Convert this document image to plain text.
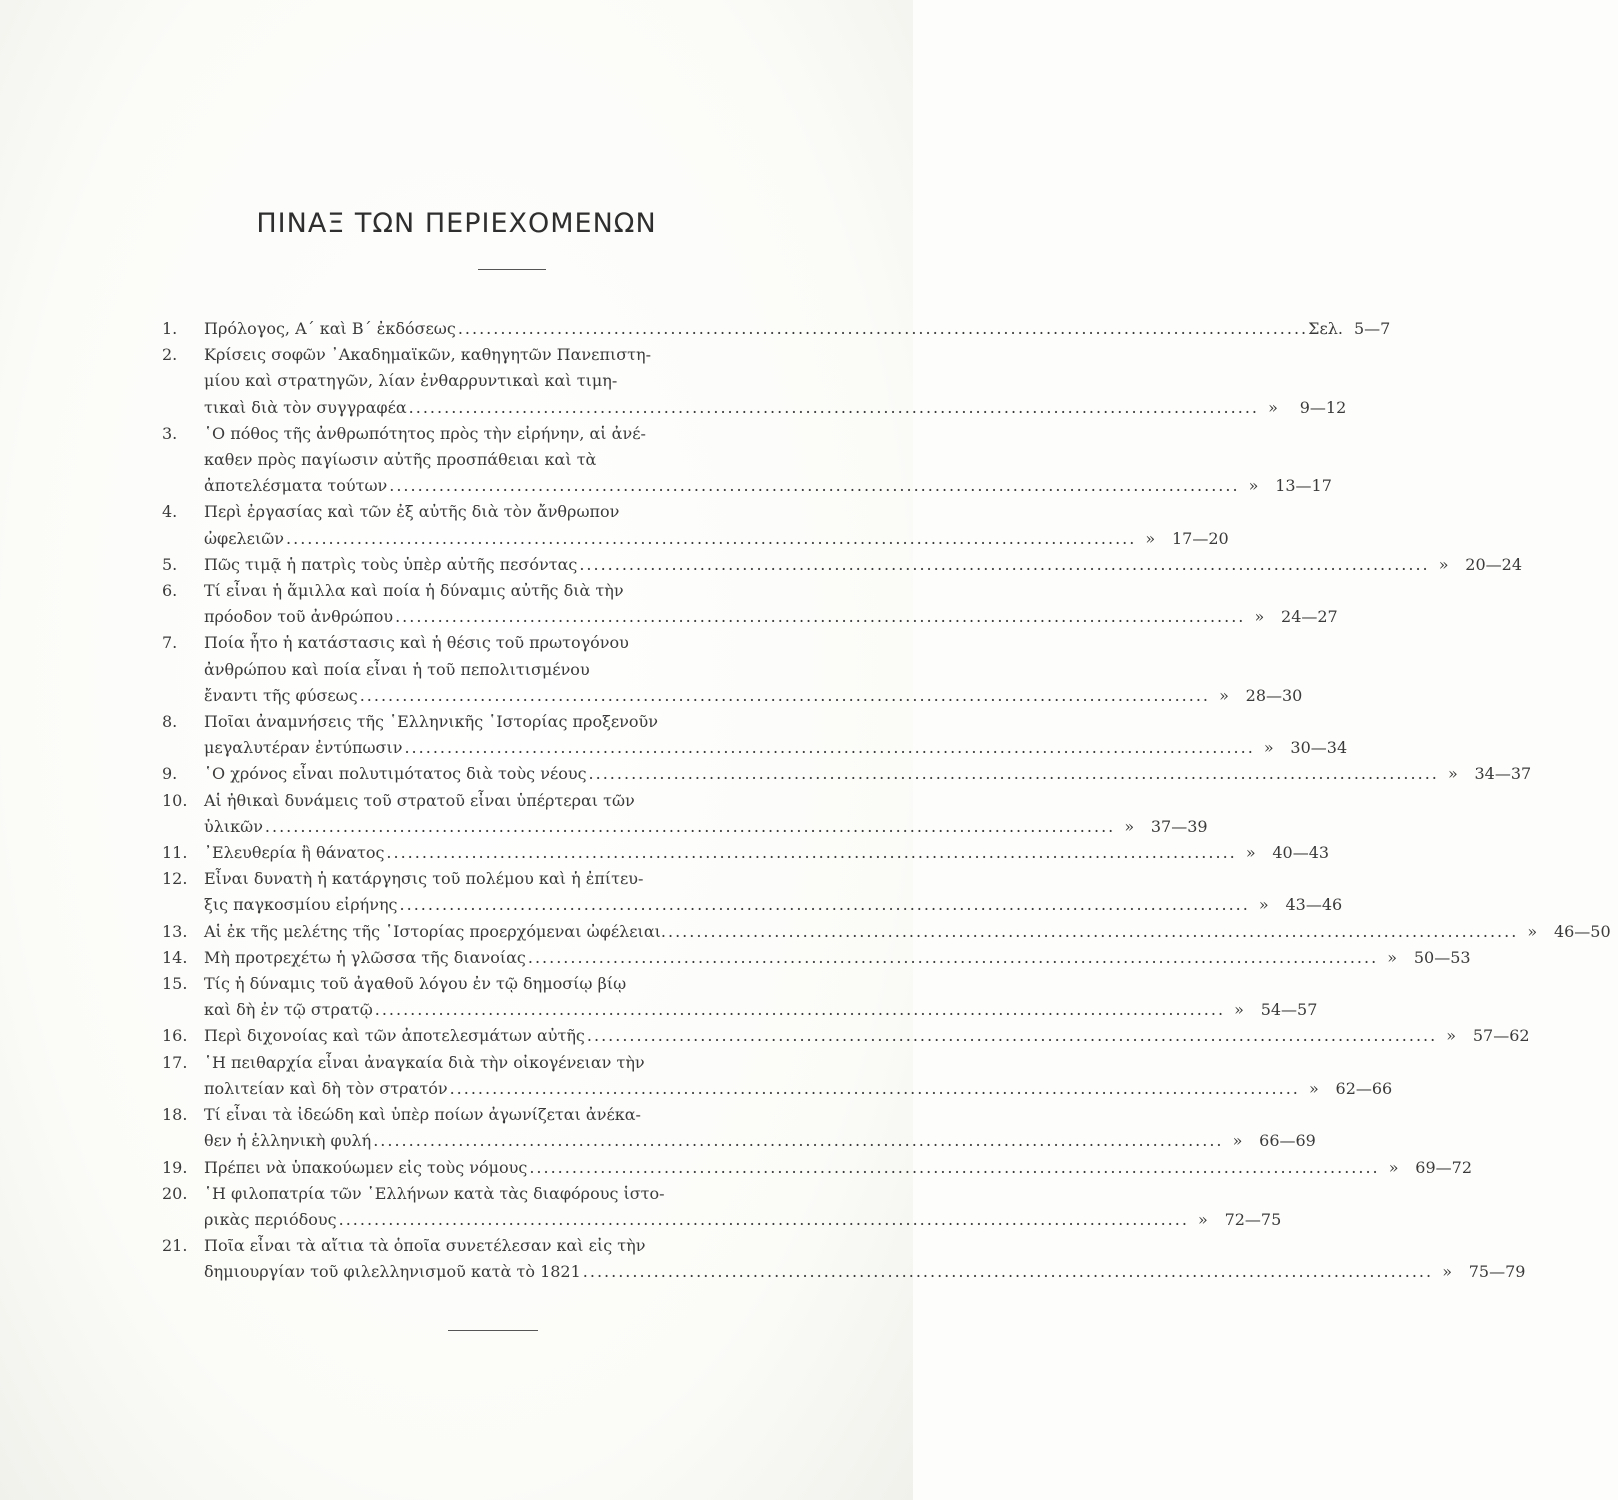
ΠΙΝΑΞ ΤΩΝ ΠΕΡΙΕΧΟΜΕΝΩΝ
1.	Πρόλογος, Α΄ καὶ Β΄ ἐκδόσεως ........................................................................................................................ Σελ. 5—7
2.	Κρίσεις σοφῶν ᾿Ακαδημαϊκῶν, καθηγητῶν Πανεπιστη-
μίου καὶ στρατηγῶν, λίαν ἐνθαρρυντικαὶ καὶ τιμη-
τικαὶ διὰ τὸν συγγραφέα ........................................................................................................................ »	9—12
3.	῾Ο πόθος τῆς ἀνθρωπότητος πρὸς τὴν εἰρήνην, αἱ ἀνέ-
καθεν πρὸς παγίωσιν αὐτῆς προσπάθειαι καὶ τὰ
ἀποτελέσματα τούτων ........................................................................................................................ »	13—17
4.	Περὶ ἐργασίας καὶ τῶν ἐξ αὐτῆς διὰ τὸν ἄνθρωπον
ὠφελειῶν ........................................................................................................................ »	17—20
5.	Πῶς τιμᾷ ἡ πατρὶς τοὺς ὑπὲρ αὐτῆς πεσόντας ........................................................................................................................ »	20—24
6.	Τί εἶναι ἡ ἅμιλλα καὶ ποία ἡ δύναμις αὐτῆς διὰ τὴν
πρόοδον τοῦ ἀνθρώπου ........................................................................................................................ »	24—27
7.	Ποία ἦτο ἡ κατάστασις καὶ ἡ θέσις τοῦ πρωτογόνου
ἀνθρώπου καὶ ποία εἶναι ἡ τοῦ πεπολιτισμένου
ἔναντι τῆς φύσεως ........................................................................................................................ »	28—30
8.	Ποῖαι ἀναμνήσεις τῆς ῾Ελληνικῆς ῾Ιστορίας προξενοῦν
μεγαλυτέραν ἐντύπωσιν ........................................................................................................................ »	30—34
9.	῾Ο χρόνος εἶναι πολυτιμότατος διὰ τοὺς νέους ........................................................................................................................ »	34—37
10.	Αἱ ἠθικαὶ δυνάμεις τοῦ στρατοῦ εἶναι ὑπέρτεραι τῶν
ὑλικῶν ........................................................................................................................ »	37—39
11.	᾿Ελευθερία ἢ θάνατος ........................................................................................................................ »	40—43
12.	Εἶναι δυνατὴ ἡ κατάργησις τοῦ πολέμου καὶ ἡ ἐπίτευ-
ξις παγκοσμίου εἰρήνης ........................................................................................................................ »	43—46
13.	Αἱ ἐκ τῆς μελέτης τῆς ῾Ιστορίας προερχόμεναι ὠφέλειαι. ........................................................................................................................ »	46—50
14.	Μὴ προτρεχέτω ἡ γλῶσσα τῆς διανοίας ........................................................................................................................ »	50—53
15.	Τίς ἡ δύναμις τοῦ ἀγαθοῦ λόγου ἐν τῷ δημοσίῳ βίῳ
καὶ δὴ ἐν τῷ στρατῷ ........................................................................................................................ »	54—57
16.	Περὶ διχονοίας καὶ τῶν ἀποτελεσμάτων αὐτῆς ........................................................................................................................ »	57—62
17.	῾Η πειθαρχία εἶναι ἀναγκαία διὰ τὴν οἰκογένειαν τὴν
πολιτείαν καὶ δὴ τὸν στρατόν ........................................................................................................................ »	62—66
18.	Τί εἶναι τὰ ἰδεώδη καὶ ὑπὲρ ποίων ἀγωνίζεται ἀνέκα-
θεν ἡ ἑλληνικὴ φυλή ........................................................................................................................ »	66—69
19.	Πρέπει νὰ ὑπακούωμεν εἰς τοὺς νόμους ........................................................................................................................ »	69—72
20.	῾Η φιλοπατρία τῶν ῾Ελλήνων κατὰ τὰς διαφόρους ἱστο-
ρικὰς περιόδους ........................................................................................................................ »	72—75
21.	Ποῖα εἶναι τὰ αἴτια τὰ ὁποῖα συνετέλεσαν καὶ εἰς τὴν
δημιουργίαν τοῦ φιλελληνισμοῦ κατὰ τὸ 1821 ........................................................................................................................ »	75—79
